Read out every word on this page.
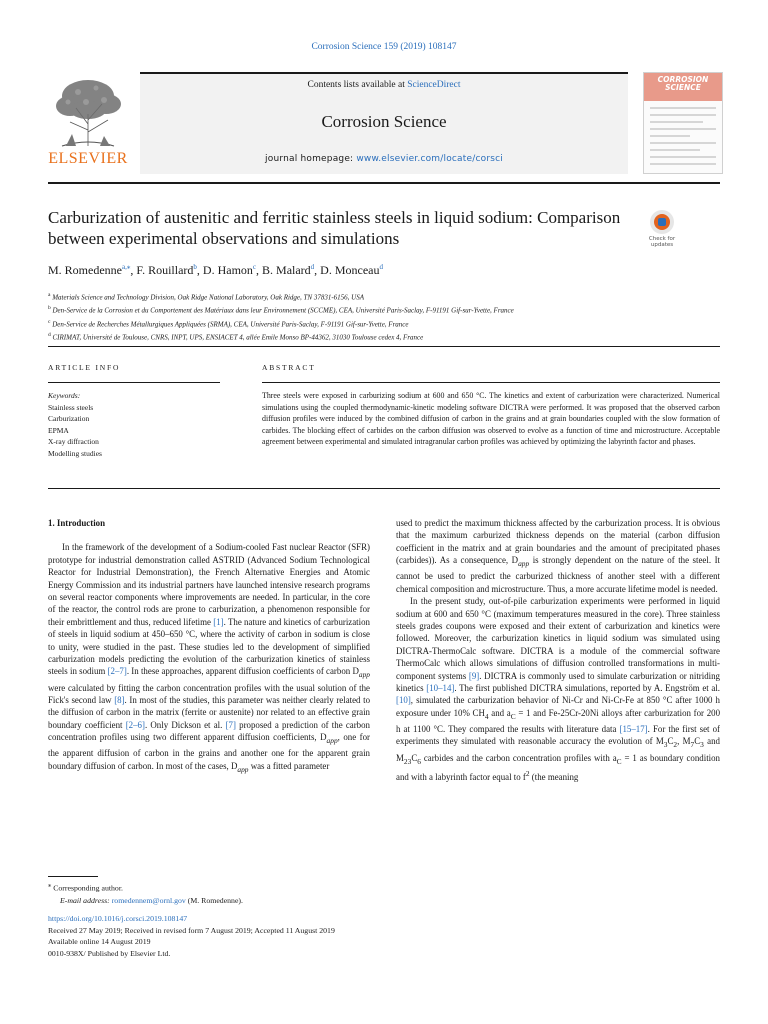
Corrosion Science 159 (2019) 108147
ELSEVIER
Contents lists available at ScienceDirect
Corrosion Science
journal homepage: www.elsevier.com/locate/corsci
CORROSION SCIENCE
Carburization of austenitic and ferritic stainless steels in liquid sodium: Comparison between experimental observations and simulations	Check for updates
M. Romedenne$^{a,⁎}$, F. Rouillard$^b$, D. Hamon$^c$, B. Malard$^d$, D. Monceau$^d$
$^a$ Materials Science and Technology Division, Oak Ridge National Laboratory, Oak Ridge, TN 37831-6156, USA
$^b$ Den-Service de la Corrosion et du Comportement des Matériaux dans leur Environnement (SCCME), CEA, Université Paris-Saclay, F-91191 Gif-sur-Yvette, France
$^c$ Den-Service de Recherches Métallurgiques Appliquées (SRMA), CEA, Université Paris-Saclay, F-91191 Gif-sur-Yvette, France
$^d$ CIRIMAT, Université de Toulouse, CNRS, INPT, UPS, ENSIACET 4, allée Emile Monso BP-44362, 31030 Toulouse cedex 4, France
ARTICLE INFO	ABSTRACT
Keywords:
Stainless steels
Carburization
EPMA
X-ray diffraction
Modelling studies
Three steels were exposed in carburizing sodium at 600 and 650 °C. The kinetics and extent of carburization were characterized. Numerical simulations using the coupled thermodynamic-kinetic modeling software DICTRA were performed. It was proposed that the observed carbon diffusion profiles were induced by the combined diffusion of carbon in the grains and at grain boundaries coupled with the slow formation of carbides. The blocking effect of carbides on the carbon diffusion was observed to evolve as a function of time and microstructure. Acceptable agreement between experimental and simulated intragranular carbon profiles was achieved by optimizing the labyrinth factor and phases.

1. Introduction

In the framework of the development of a Sodium-cooled Fast nuclear Reactor (SFR) prototype for industrial demonstration called ASTRID (Advanced Sodium Technological Reactor for Industrial Demonstration), the French Alternative Energies and Atomic Energy Commission and its industrial partners have launched intensive research programs on several reactor components where improvements are needed. In particular, in the core of the reactor, the control rods are prone to carburization, a phenomenon responsible for their embrittlement and thus, reduced lifetime [1]. The nature and kinetics of carburization of steels in liquid sodium at 450–650 °C, where the activity of carbon in sodium is close to unity, were studied in the past. These studies led to the development of simplified carburization models predicting the evolution of the carburization kinetics of stainless steels in sodium [2–7]. In these approaches, apparent diffusion coefficients of carbon $D_{app}$ were calculated by fitting the carbon concentration profiles with the usual solution of the Fick's second law [8]. In most of the studies, this parameter was neither clearly related to the diffusion of carbon in the matrix (ferrite or austenite) nor related to an effective grain boundary coefficient [2–6]. Only Dickson et al. [7] proposed a prediction of the carbon concentration profiles using two different apparent diffusion coefficients, $D_{app}$, one for the apparent diffusion of carbon in the grains and another one for the apparent grain boundary diffusion of carbon. In most of the cases, $D_{app}$ was a fitted parameter

used to predict the maximum thickness affected by the carburization process. It is obvious that the maximum carburized thickness depends on the material (carbon diffusion coefficient in the matrix and at grain boundaries and the amount of precipitated phases (carbides)). As a consequence, $D_{app}$ is strongly dependent on the nature of the steel. It cannot be used to predict the carburized thickness of another steel with a different chemical composition and microstructure. Thus, a more accurate lifetime model is needed.

In the present study, out-of-pile carburization experiments were performed in liquid sodium at 600 and 650 °C (maximum temperatures measured in the core). Three stainless steels grades coupons were exposed and their extent of carburization and kinetics were followed. Moreover, the carburization kinetics in liquid sodium was simulated using DICTRA-ThermoCalc software. DICTRA is a module of the commercial software ThermoCalc which allows simulations of diffusion controlled transformations in multi-component systems [9]. DICTRA is commonly used to simulate carburization or nitriding kinetics [10–14]. The first published DICTRA simulations, reported by A. Engström et al. [10], simulated the carburization behavior of Ni-Cr and Ni-Cr-Fe at 850 °C after 1000 h exposure under 10% $CH_4$ and $a_C = 1$ and Fe-25Cr-20Ni alloys after carburization for 200 h at 1100 °C. They compared the results with literature data [15–17]. For the first set of experiments they simulated with reasonable accuracy the evolution of $M_3C_2$, $M_7C_3$ and $M_{23}C_6$ carbides and the carbon concentration profiles with $a_C = 1$ as boundary condition and with a labyrinth factor equal to $f^2$ (the meaning

⁎ Corresponding author.
E-mail address: romedennem@ornl.gov (M. Romedenne).
https://doi.org/10.1016/j.corsci.2019.108147
Received 27 May 2019; Received in revised form 7 August 2019; Accepted 11 August 2019
Available online 14 August 2019
0010-938X/ Published by Elsevier Ltd.
